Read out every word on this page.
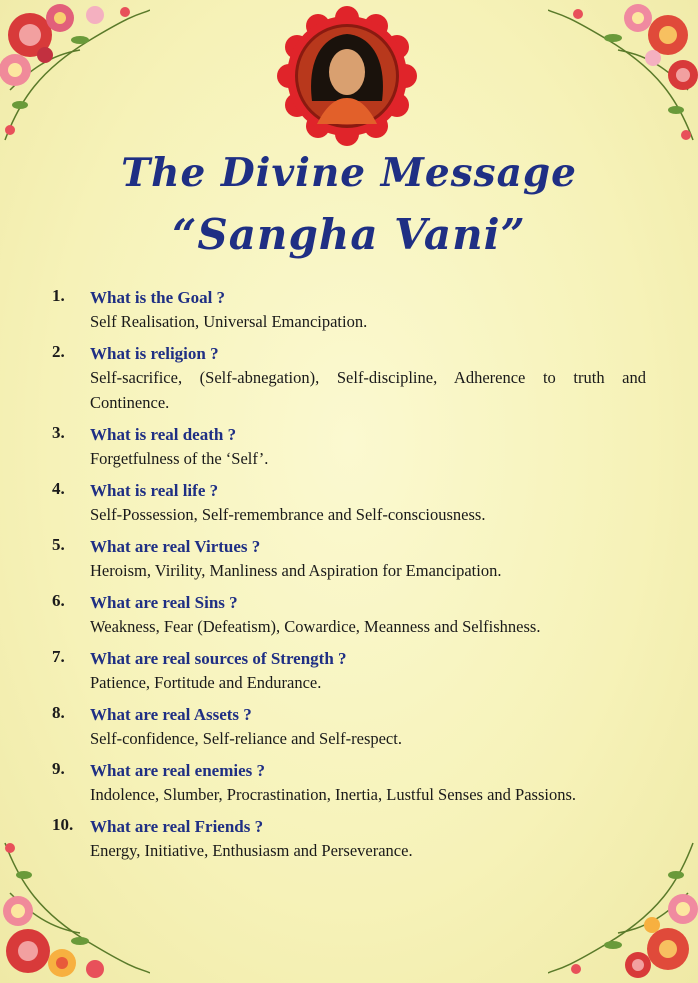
The Divine Message
“Sangha Vani”
1.	What is the Goal ?
Self Realisation, Universal Emancipation.
2.	What is religion ?
Self-sacrifice, (Self-abnegation), Self-discipline, Adherence to truth and Continence.
3.	What is real death ?
Forgetfulness of the ‘Self’.
4.	What is real life ?
Self-Possession, Self-remembrance and Self-consciousness.
5.	What are real Virtues ?
Heroism, Virility, Manliness and Aspiration for Emancipation.
6.	What are real Sins ?
Weakness, Fear (Defeatism), Cowardice, Meanness and Selfishness.
7.	What are real sources of Strength ?
Patience, Fortitude and Endurance.
8.	What are real Assets ?
Self-confidence, Self-reliance and Self-respect.
9.	What are real enemies ?
Indolence, Slumber, Procrastination, Inertia, Lustful Senses and Passions.
10. What are real Friends ?
Energy, Initiative, Enthusiasm and Perseverance.
